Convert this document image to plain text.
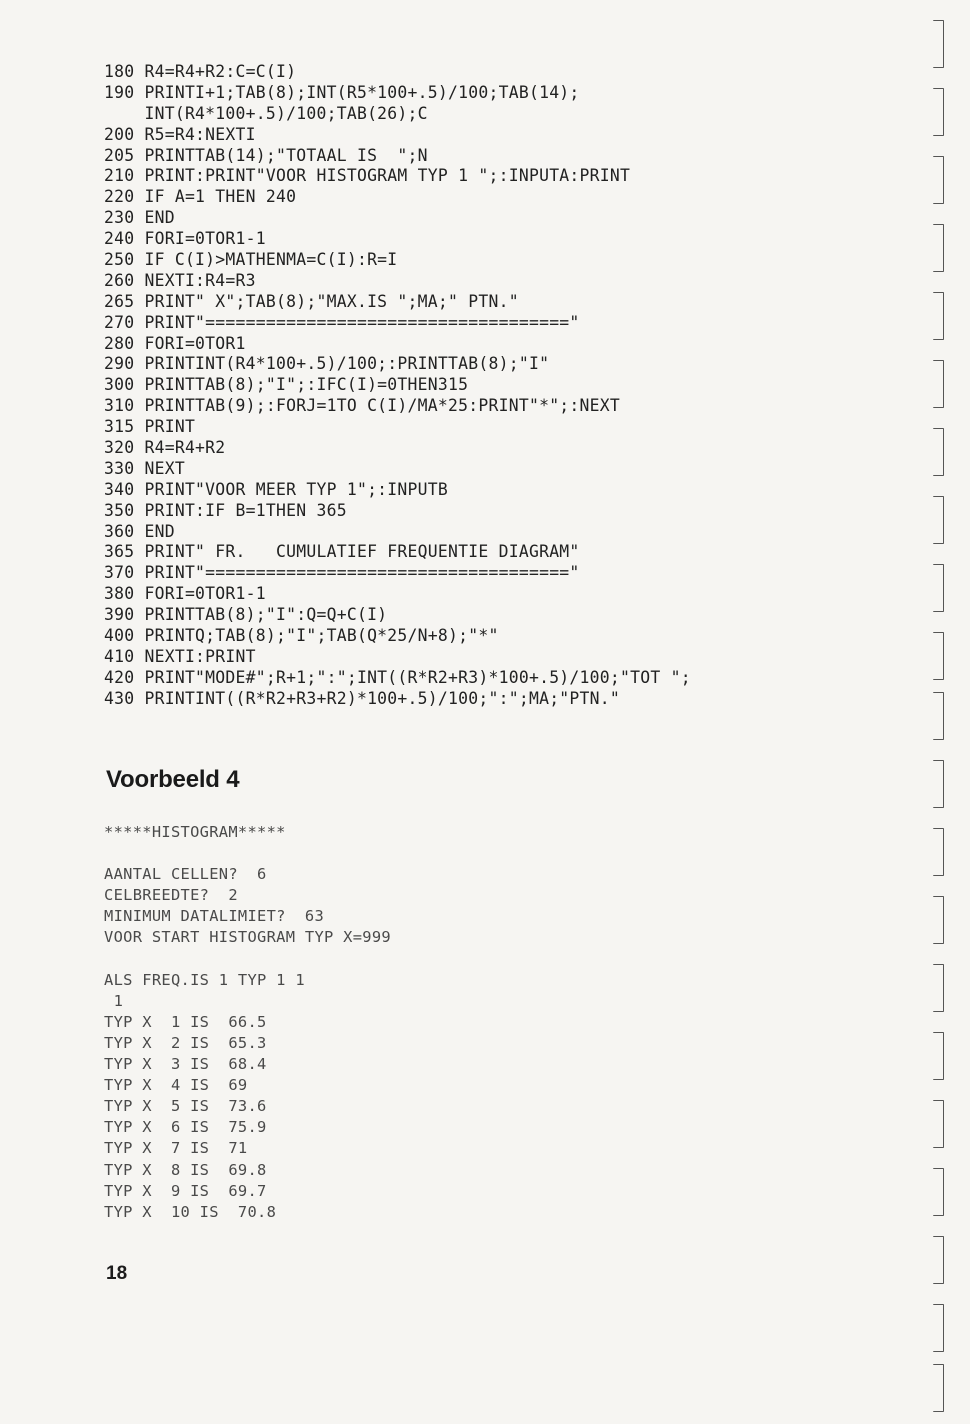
180 R4=R4+R2:C=C(I)
190 PRINTI+1;TAB(8);INT(R5*100+.5)/100;TAB(14);
INT(R4*100+.5)/100;TAB(26);C
200 R5=R4:NEXTI
205 PRINTTAB(14);"TOTAAL IS  ";N
210 PRINT:PRINT"VOOR HISTOGRAM TYP 1 ";:INPUTA:PRINT
220 IF A=1 THEN 240
230 END
240 FORI=0TOR1-1
250 IF C(I)>MATHENMA=C(I):R=I
260 NEXTI:R4=R3
265 PRINT" X";TAB(8);"MAX.IS ";MA;" PTN."
270 PRINT"===================================="
280 FORI=0TOR1
290 PRINTINT(R4*100+.5)/100;:PRINTTAB(8);"I"
300 PRINTTAB(8);"I";:IFC(I)=0THEN315
310 PRINTTAB(9);:FORJ=1TO C(I)/MA*25:PRINT"*";:NEXT
315 PRINT
320 R4=R4+R2
330 NEXT
340 PRINT"VOOR MEER TYP 1";:INPUTB
350 PRINT:IF B=1THEN 365
360 END
365 PRINT" FR.   CUMULATIEF FREQUENTIE DIAGRAM"
370 PRINT"===================================="
380 FORI=0TOR1-1
390 PRINTTAB(8);"I":Q=Q+C(I)
400 PRINTQ;TAB(8);"I";TAB(Q*25/N+8);"*"
410 NEXTI:PRINT
420 PRINT"MODE#";R+1;":";INT((R*R2+R3)*100+.5)/100;"TOT ";
430 PRINTINT((R*R2+R3+R2)*100+.5)/100;":";MA;"PTN."
Voorbeeld 4
*****HISTOGRAM*****
AANTAL CELLEN?  6
CELBREEDTE?  2
MINIMUM DATALIMIET?  63
VOOR START HISTOGRAM TYP X=999
ALS FREQ.IS 1 TYP 1 1
1
TYP X  1 IS  66.5
TYP X  2 IS  65.3
TYP X  3 IS  68.4
TYP X  4 IS  69
TYP X  5 IS  73.6
TYP X  6 IS  75.9
TYP X  7 IS  71
TYP X  8 IS  69.8
TYP X  9 IS  69.7
TYP X  10 IS  70.8
18
